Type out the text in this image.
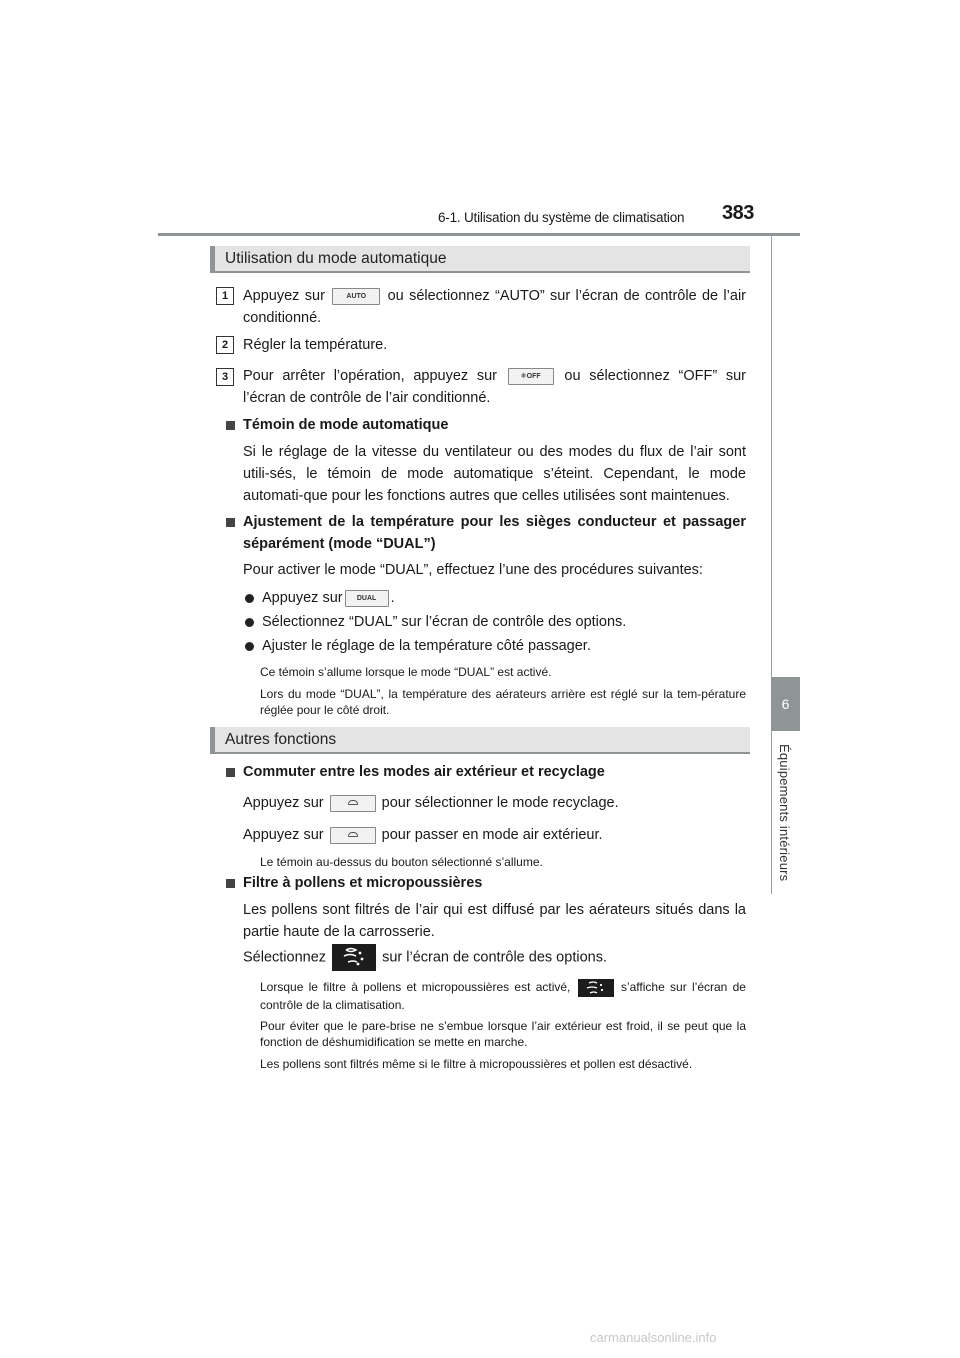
6-1. Utilisation du système de climatisation 383
6
Équipements intérieurs
Utilisation du mode automatique
1	Appuyez sur	AUTO ou sélectionnez “AUTO” sur l’écran de contrôle de l’air conditionné.

2	Régler la température.

3	Pour arrêter l’opération, appuyez sur	❄OFF ou sélectionnez “OFF” sur l’écran de contrôle de l’air conditionné.

Témoin de mode automatique

Si le réglage de la vitesse du ventilateur ou des modes du flux de l’air sont utili-sés, le témoin de mode automatique s’éteint. Cependant, le mode automati-que pour les fonctions autres que celles utilisées sont maintenues.

Ajustement de la température pour les sièges conducteur et passager séparément (mode “DUAL”)

Pour activer le mode “DUAL”, effectuez l’une des procédures suivantes:

Appuyez sur DUAL .

Sélectionnez “DUAL” sur l’écran de contrôle des options.

Ajuster le réglage de la température côté passager.

Ce témoin s’allume lorsque le mode “DUAL” est activé.

Lors du mode “DUAL”, la température des aérateurs arrière est réglé sur la tem-pérature réglée pour le côté droit.

Autres fonctions

Commuter entre les modes air extérieur et recyclage

Appuyez sur	pour sélectionner le mode recyclage.

Appuyez sur	pour passer en mode air extérieur.

Le témoin au-dessus du bouton sélectionné s’allume.

Filtre à pollens et micropoussières

Les pollens sont filtrés de l’air qui est diffusé par les aérateurs situés dans la partie haute de la carrosserie.

Sélectionnez	sur l’écran de contrôle des options.

Lorsque le filtre à pollens et micropoussières est activé,	s’affiche sur l’écran de contrôle de la climatisation.

Pour éviter que le pare-brise ne s’embue lorsque l’air extérieur est froid, il se peut que la fonction de déshumidification se mette en marche.

Les pollens sont filtrés même si le filtre à micropoussières et pollen est désactivé.

carmanualsonline.info
